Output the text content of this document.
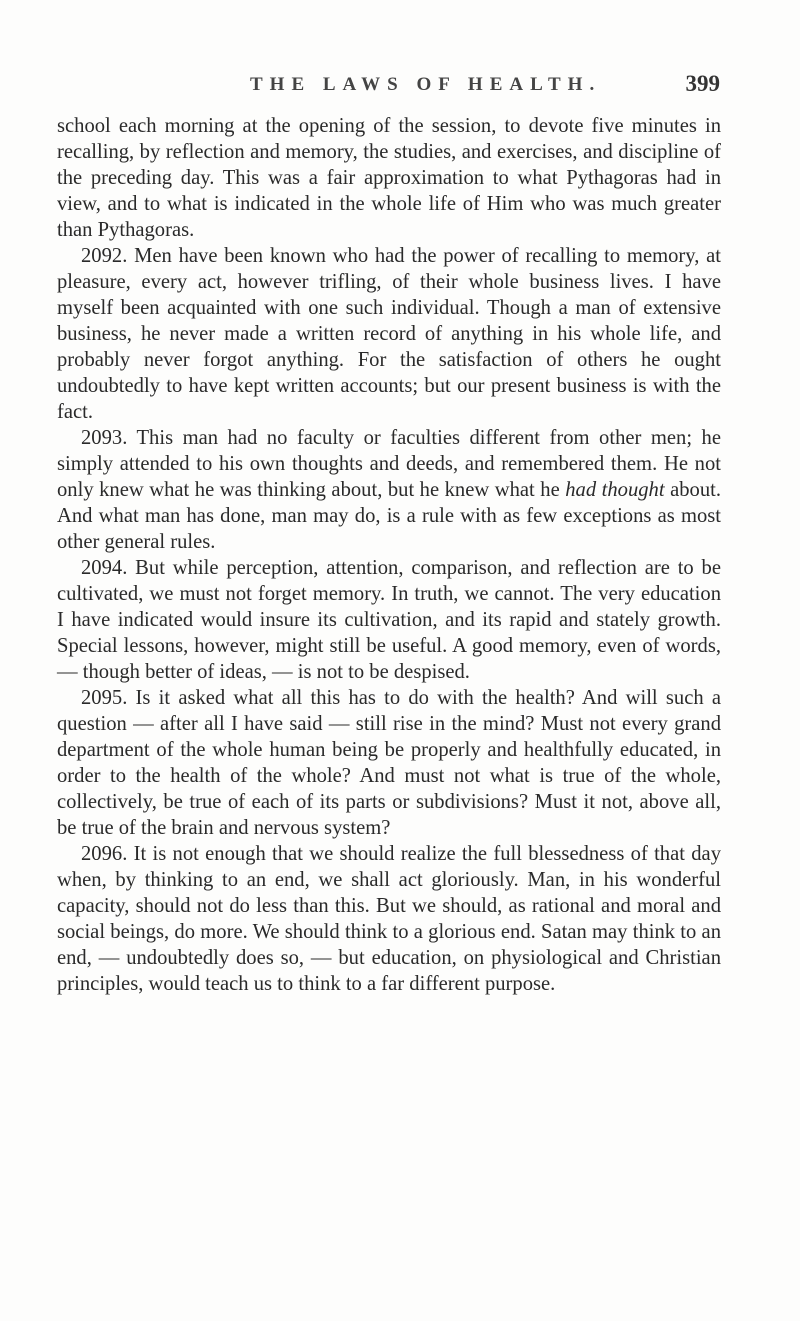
THE LAWS OF HEALTH.	399

school each morning at the opening of the session, to devote five minutes in recalling, by reflection and memory, the studies, and exercises, and discipline of the preceding day. This was a fair approximation to what Pythagoras had in view, and to what is indicated in the whole life of Him who was much greater than Pythagoras.

2092. Men have been known who had the power of recalling to memory, at pleasure, every act, however trifling, of their whole business lives. I have myself been acquainted with one such individual. Though a man of extensive business, he never made a written record of anything in his whole life, and probably never forgot anything. For the satisfaction of others he ought undoubtedly to have kept written accounts; but our present business is with the fact.

2093. This man had no faculty or faculties different from other men; he simply attended to his own thoughts and deeds, and remembered them. He not only knew what he was thinking about, but he knew what he had thought about. And what man has done, man may do, is a rule with as few exceptions as most other general rules.

2094. But while perception, attention, comparison, and reflection are to be cultivated, we must not forget memory. In truth, we cannot. The very education I have indicated would insure its cultivation, and its rapid and stately growth. Special lessons, however, might still be useful. A good memory, even of words, — though better of ideas, — is not to be despised.

2095. Is it asked what all this has to do with the health? And will such a question — after all I have said — still rise in the mind? Must not every grand department of the whole human being be properly and healthfully educated, in order to the health of the whole? And must not what is true of the whole, collectively, be true of each of its parts or subdivisions? Must it not, above all, be true of the brain and nervous system?

2096. It is not enough that we should realize the full blessedness of that day when, by thinking to an end, we shall act gloriously. Man, in his wonderful capacity, should not do less than this. But we should, as rational and moral and social beings, do more. We should think to a glorious end. Satan may think to an end, — undoubtedly does so, — but education, on physiological and Christian principles, would teach us to think to a far different purpose.
